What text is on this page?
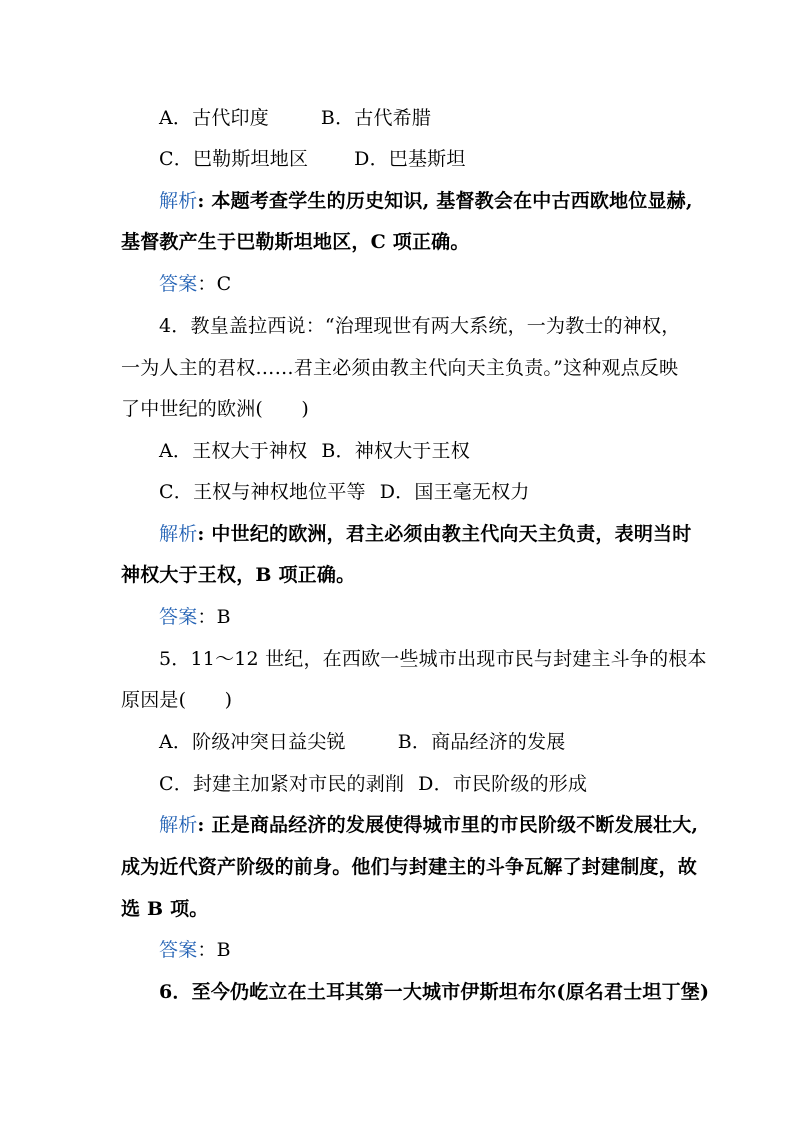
A．古代印度	B．古代希腊
C．巴勒斯坦地区 D．巴基斯坦
解析: 本题考查学生的历史知识, 基督教会在中古西欧地位显赫,
基督教产生于巴勒斯坦地区，C 项正确。
答案：C
4．教皇盖拉西说：“治理现世有两大系统，一为教士的神权，
一为人主的君权……君主必须由教主代向天主负责。”这种观点反映
了中世纪的欧洲(　　)
A．王权大于神权 B．神权大于王权
C．王权与神权地位平等 D．国王毫无权力
解析: 中世纪的欧洲，君主必须由教主代向天主负责，表明当时
神权大于王权，B 项正确。
答案：B
5．11～12 世纪，在西欧一些城市出现市民与封建主斗争的根本
原因是(　　)
A．阶级冲突日益尖锐	B．商品经济的发展
C．封建主加紧对市民的剥削 D．市民阶级的形成
解析: 正是商品经济的发展使得城市里的市民阶级不断发展壮大,
成为近代资产阶级的前身。他们与封建主的斗争瓦解了封建制度，故
选 B 项。
答案：B
6．至今仍屹立在土耳其第一大城市伊斯坦布尔(原名君士坦丁堡)
